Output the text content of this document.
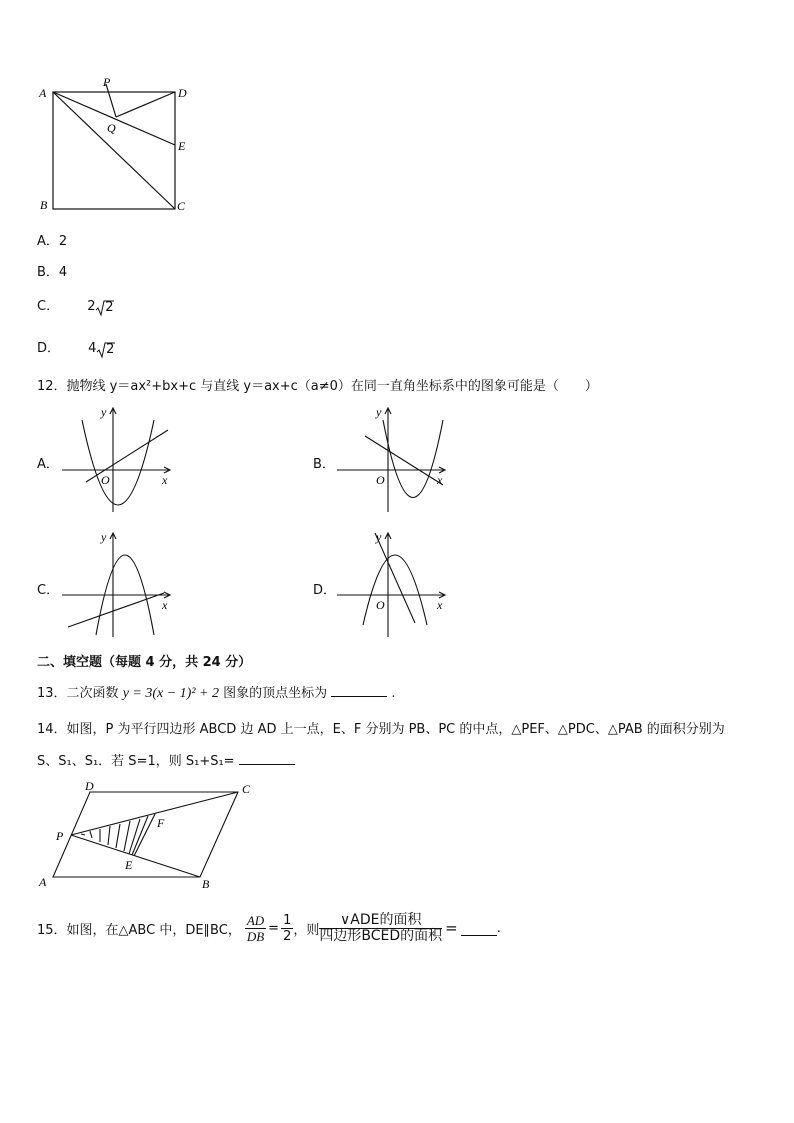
A
B	C
D
E
P
Q
A．2
B．4
C． 2 2
D． 4 2
12．抛物线 y＝ax²+bx+c 与直线 y＝ax+c（a≠0）在同一直角坐标系中的图象可能是（　　）
A．
y
x
O
B．
y
x
O
C．
y
x
D．
y
x
O
二、填空题（每题 4 分，共 24 分）
13．二次函数 y = 3(x − 1)² + 2 图象的顶点坐标为	.
14．如图，P 为平行四边形 ABCD 边 AD 上一点，E、F 分别为 PB、PC 的中点，△PEF、△PDC、△PAB 的面积分别为
S、S₁、S₁．若 S=1，则 S₁+S₁=
A	B
C
D
E
F
P
15．如图，在△ABC 中，DE∥BC， $\frac{AD}{DB} = \frac{1}{2}$ ，则 $\frac{\text{∨ADE的面积}}{\text{四边形BCED的面积}}$ =	.
